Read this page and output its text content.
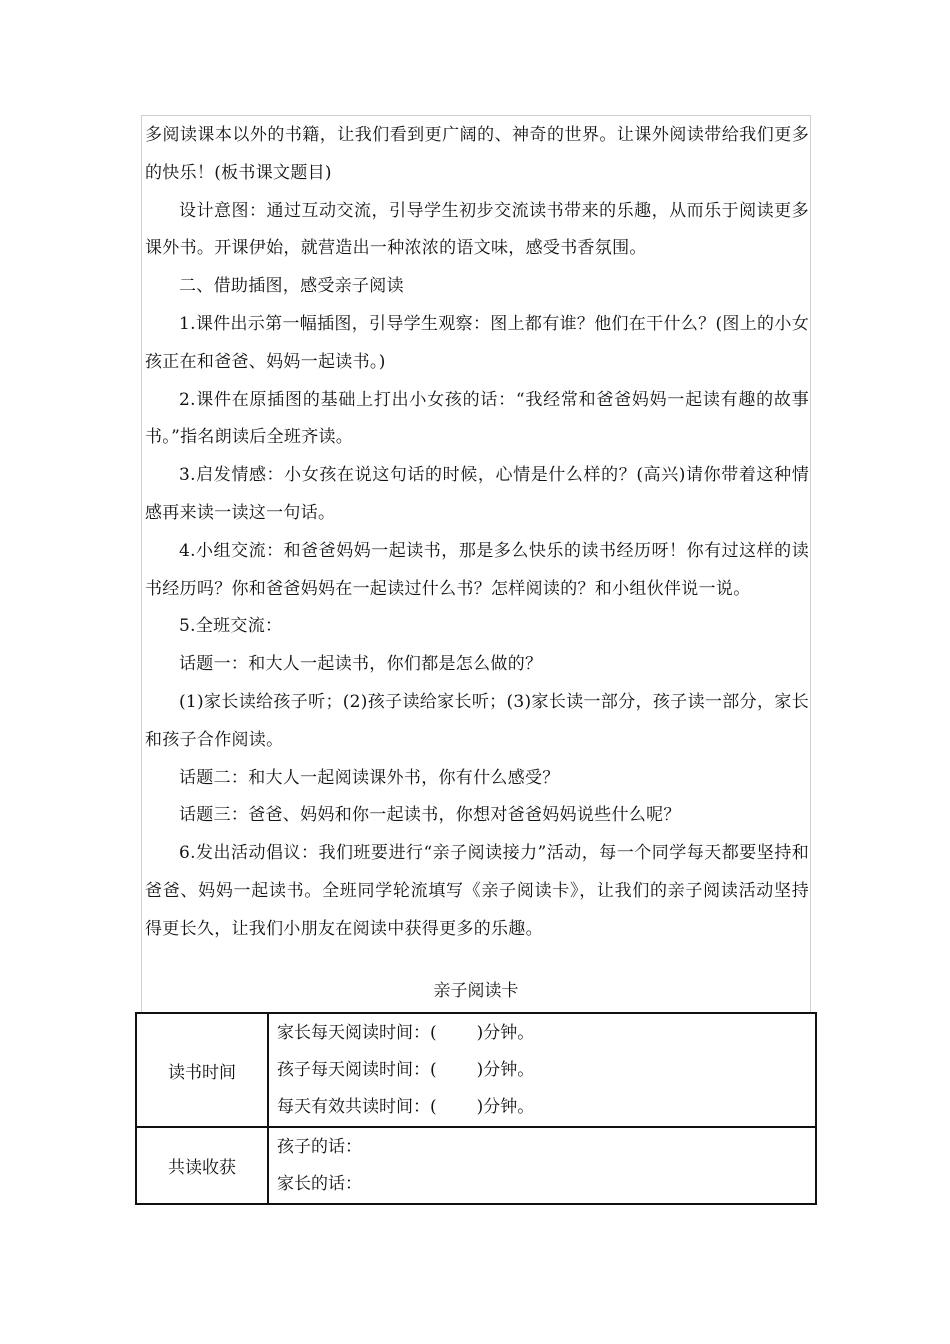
多阅读课本以外的书籍，让我们看到更广阔的、神奇的世界。让课外阅读带给我们更多的快乐！(板书课文题目)

设计意图：通过互动交流，引导学生初步交流读书带来的乐趣，从而乐于阅读更多课外书。开课伊始，就营造出一种浓浓的语文味，感受书香氛围。

二、借助插图，感受亲子阅读

1.课件出示第一幅插图，引导学生观察：图上都有谁？他们在干什么？(图上的小女孩正在和爸爸、妈妈一起读书。)

2.课件在原插图的基础上打出小女孩的话：“我经常和爸爸妈妈一起读有趣的故事书。”指名朗读后全班齐读。

3.启发情感：小女孩在说这句话的时候，心情是什么样的？(高兴)请你带着这种情感再来读一读这一句话。

4.小组交流：和爸爸妈妈一起读书，那是多么快乐的读书经历呀！你有过这样的读书经历吗？你和爸爸妈妈在一起读过什么书？怎样阅读的？和小组伙伴说一说。

5.全班交流：

话题一：和大人一起读书，你们都是怎么做的？

(1)家长读给孩子听；(2)孩子读给家长听；(3)家长读一部分，孩子读一部分，家长和孩子合作阅读。

话题二：和大人一起阅读课外书，你有什么感受？

话题三：爸爸、妈妈和你一起读书，你想对爸爸妈妈说些什么呢？

6.发出活动倡议：我们班要进行“亲子阅读接力”活动，每一个同学每天都要坚持和爸爸、妈妈一起读书。全班同学轮流填写《亲子阅读卡》，让我们的亲子阅读活动坚持得更长久，让我们小朋友在阅读中获得更多的乐趣。

亲子阅读卡
读书时间	家长每天阅读时间：( )分钟。
孩子每天阅读时间：( )分钟。
每天有效共读时间：( )分钟。

共读收获	孩子的话：
家长的话：
